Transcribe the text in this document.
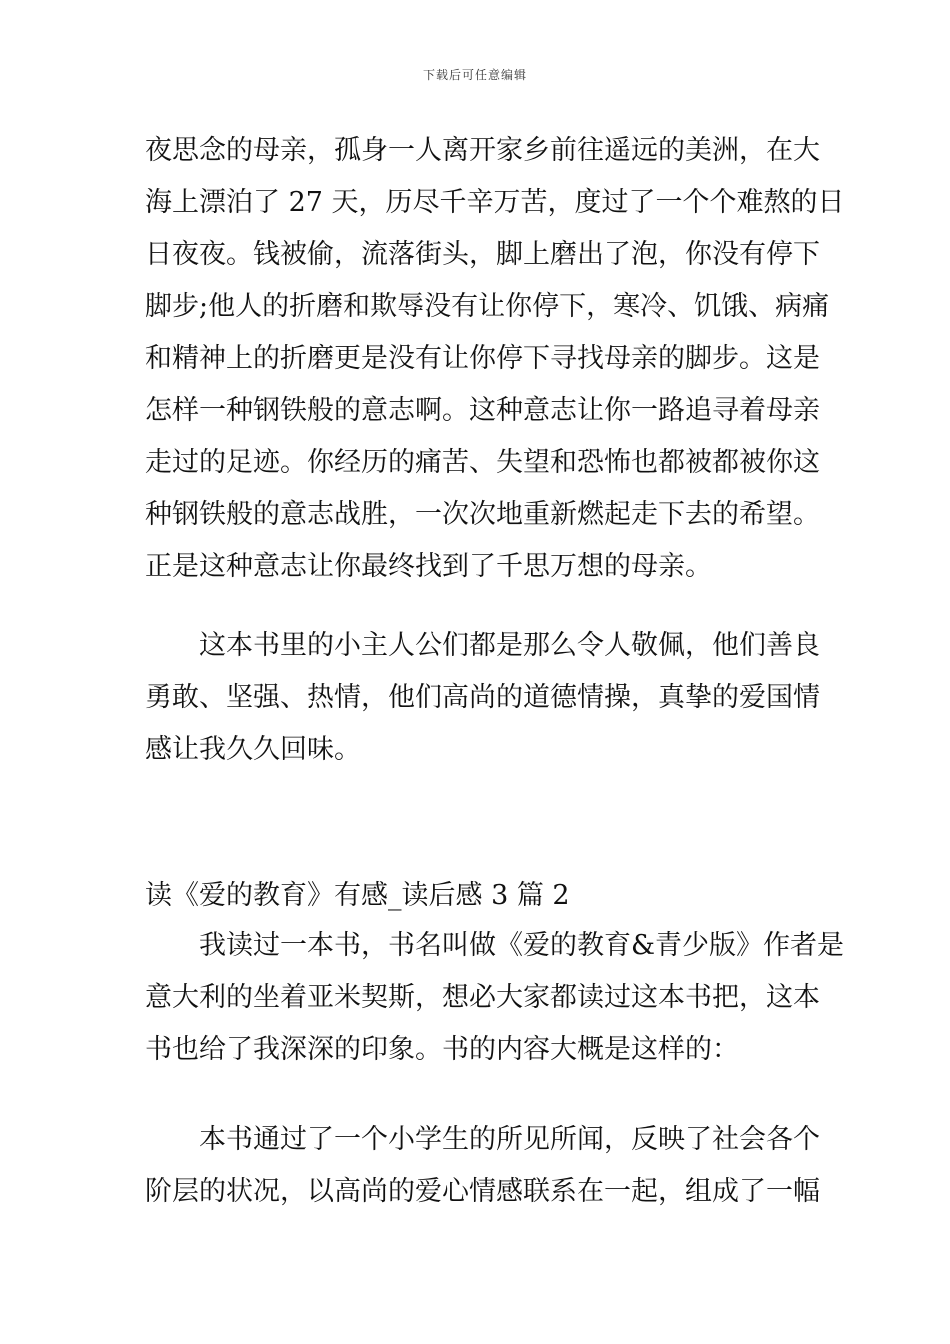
下载后可任意编辑
夜思念的母亲，孤身一人离开家乡前往遥远的美洲，在大
海上漂泊了 27 天，历尽千辛万苦，度过了一个个难熬的日
日夜夜。钱被偷，流落街头，脚上磨出了泡，你没有停下
脚步;他人的折磨和欺辱没有让你停下，寒冷、饥饿、病痛
和精神上的折磨更是没有让你停下寻找母亲的脚步。这是
怎样一种钢铁般的意志啊。这种意志让你一路追寻着母亲
走过的足迹。你经历的痛苦、失望和恐怖也都被都被你这
种钢铁般的意志战胜，一次次地重新燃起走下去的希望。
正是这种意志让你最终找到了千思万想的母亲。
　　这本书里的小主人公们都是那么令人敬佩，他们善良
勇敢、坚强、热情，他们高尚的道德情操，真挚的爱国情
感让我久久回味。
读《爱的教育》有感_读后感 3 篇 2
　　我读过一本书，书名叫做《爱的教育&青少版》作者是
意大利的坐着亚米契斯，想必大家都读过这本书把，这本
书也给了我深深的印象。书的内容大概是这样的：
　　本书通过了一个小学生的所见所闻，反映了社会各个
阶层的状况，以高尚的爱心情感联系在一起，组成了一幅
